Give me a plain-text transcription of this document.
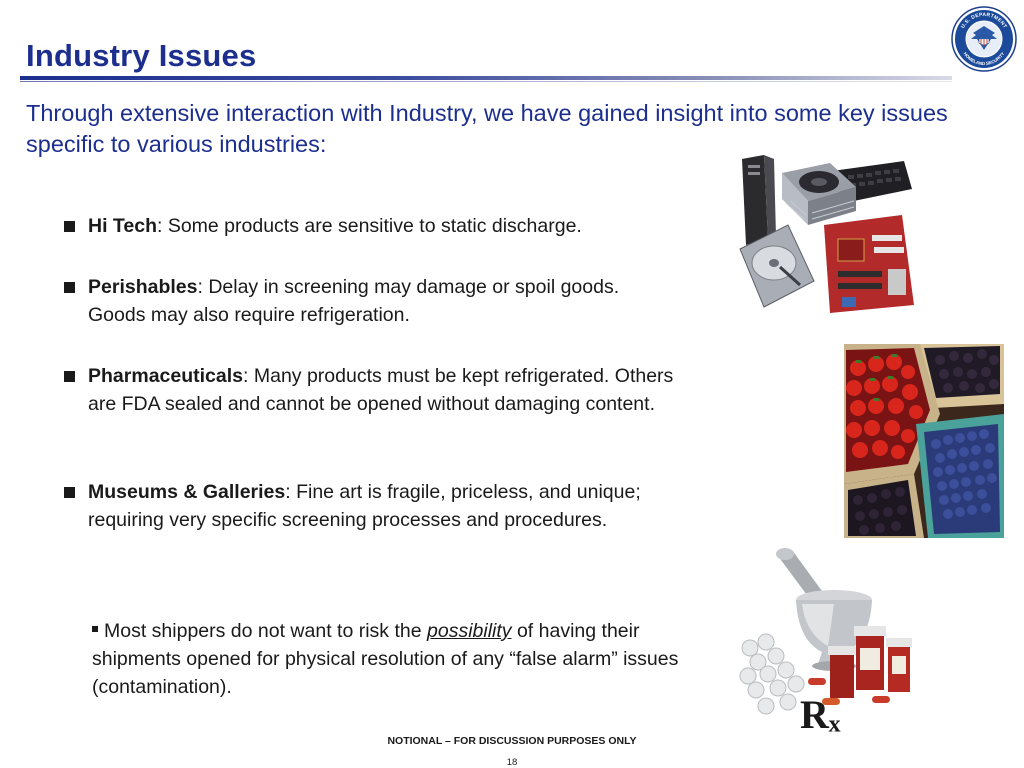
Industry Issues
U.S. DEPARTMENT
HOMELAND SECURITY
Through extensive interaction with Industry, we have gained insight into some key issues specific to various industries:
Hi Tech: Some products are sensitive to static discharge.
Perishables: Delay in screening may damage or spoil goods. Goods may also require refrigeration.
Pharmaceuticals: Many products must be kept refrigerated. Others are FDA sealed and cannot be opened without damaging content.
Museums & Galleries: Fine art is fragile, priceless, and unique; requiring very specific screening processes and procedures.
Most shippers do not want to risk the possibility of having their shipments opened for physical resolution of any “false alarm” issues (contamination).
Rₓ
NOTIONAL – FOR DISCUSSION PURPOSES ONLY
18
